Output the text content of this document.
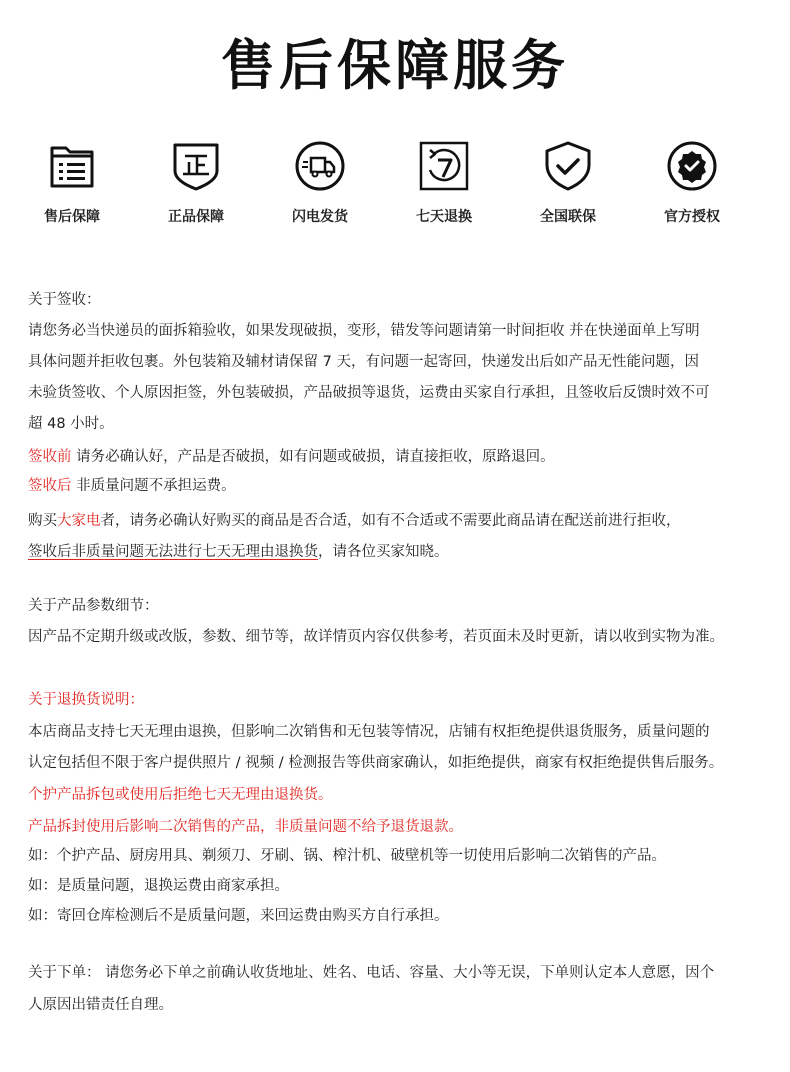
售后保障服务
售后保障	正品保障	闪电发货	七天退换	全国联保	官方授权
关于签收：
请您务必当快递员的面拆箱验收，如果发现破损，变形，错发等问题请第一时间拒收 并在快递面单上写明
具体问题并拒收包裹。外包装箱及辅材请保留 7 天，有问题一起寄回，快递发出后如产品无性能问题，因
未验货签收、个人原因拒签，外包装破损，产品破损等退货，运费由买家自行承担，且签收后反馈时效不可
超 48 小时。
签收前 请务必确认好，产品是否破损，如有问题或破损，请直接拒收，原路退回。
签收后 非质量问题不承担运费。
购买大家电者，请务必确认好购买的商品是否合适，如有不合适或不需要此商品请在配送前进行拒收，
签收后非质量问题无法进行七天无理由退换货，请各位买家知晓。
关于产品参数细节：
因产品不定期升级或改版，参数、细节等，故详情页内容仅供参考，若页面未及时更新，请以收到实物为准。
关于退换货说明：
本店商品支持七天无理由退换，但影响二次销售和无包装等情况，店铺有权拒绝提供退货服务，质量问题的
认定包括但不限于客户提供照片 / 视频 / 检测报告等供商家确认，如拒绝提供，商家有权拒绝提供售后服务。
个护产品拆包或使用后拒绝七天无理由退换货。
产品拆封使用后影响二次销售的产品，非质量问题不给予退货退款。
如：个护产品、厨房用具、剃须刀、牙刷、锅、榨汁机、破壁机等一切使用后影响二次销售的产品。
如：是质量问题，退换运费由商家承担。
如：寄回仓库检测后不是质量问题，来回运费由购买方自行承担。
关于下单： 请您务必下单之前确认收货地址、姓名、电话、容量、大小等无误，下单则认定本人意愿，因个
人原因出错责任自理。
